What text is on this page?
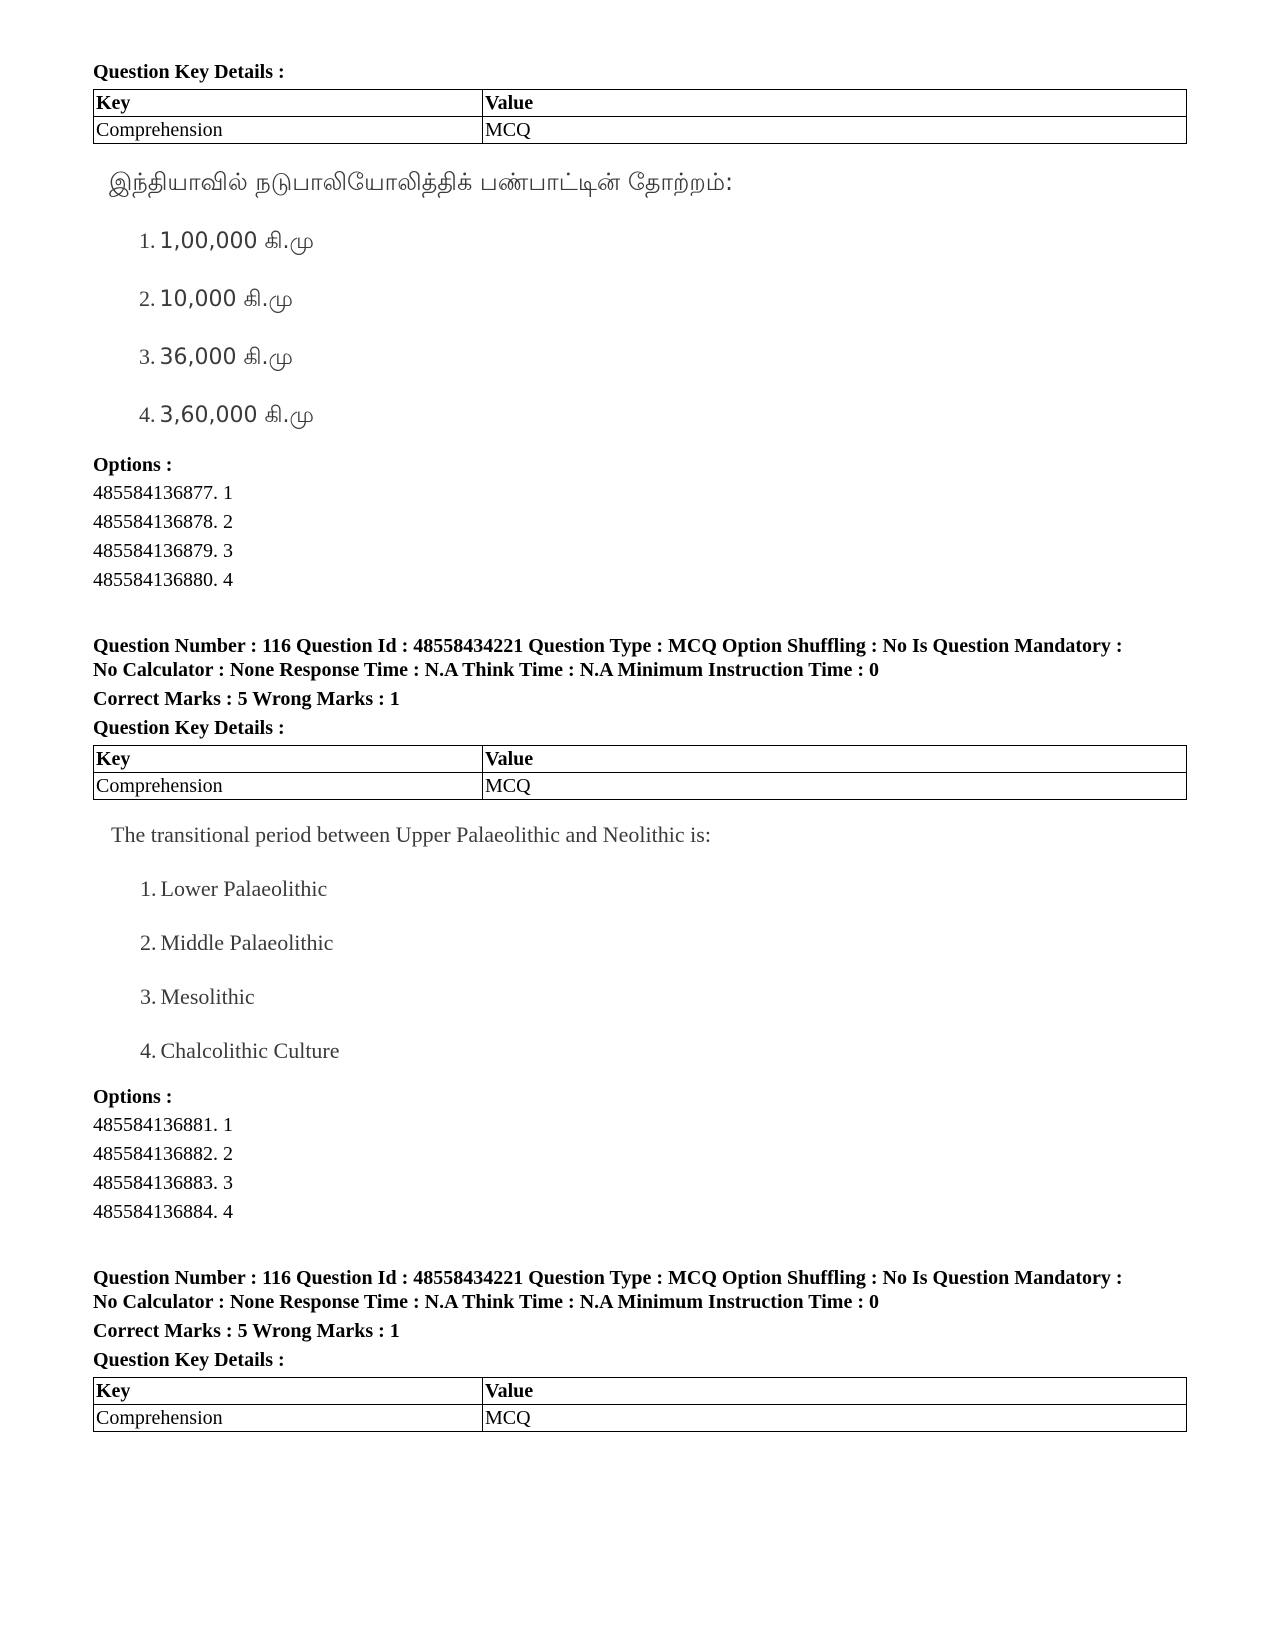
Question Key Details :
Key	Value
Comprehension	MCQ
இந்தியாவில் நடுபாலியோலித்திக் பண்பாட்டின் தோற்றம்:
1. 1,00,000 கி.மு
2. 10,000 கி.மு
3. 36,000 கி.மு
4. 3,60,000 கி.மு
Options :
485584136877. 1
485584136878. 2
485584136879. 3
485584136880. 4
Question Number : 116 Question Id : 48558434221 Question Type : MCQ Option Shuffling : No Is Question Mandatory :
No Calculator : None Response Time : N.A Think Time : N.A Minimum Instruction Time : 0
Correct Marks : 5 Wrong Marks : 1
Question Key Details :
Key	Value
Comprehension	MCQ
The transitional period between Upper Palaeolithic and Neolithic is:
1. Lower Palaeolithic
2. Middle Palaeolithic
3. Mesolithic
4. Chalcolithic Culture
Options :
485584136881. 1
485584136882. 2
485584136883. 3
485584136884. 4
Question Number : 116 Question Id : 48558434221 Question Type : MCQ Option Shuffling : No Is Question Mandatory :
No Calculator : None Response Time : N.A Think Time : N.A Minimum Instruction Time : 0
Correct Marks : 5 Wrong Marks : 1
Question Key Details :
Key	Value
Comprehension	MCQ
